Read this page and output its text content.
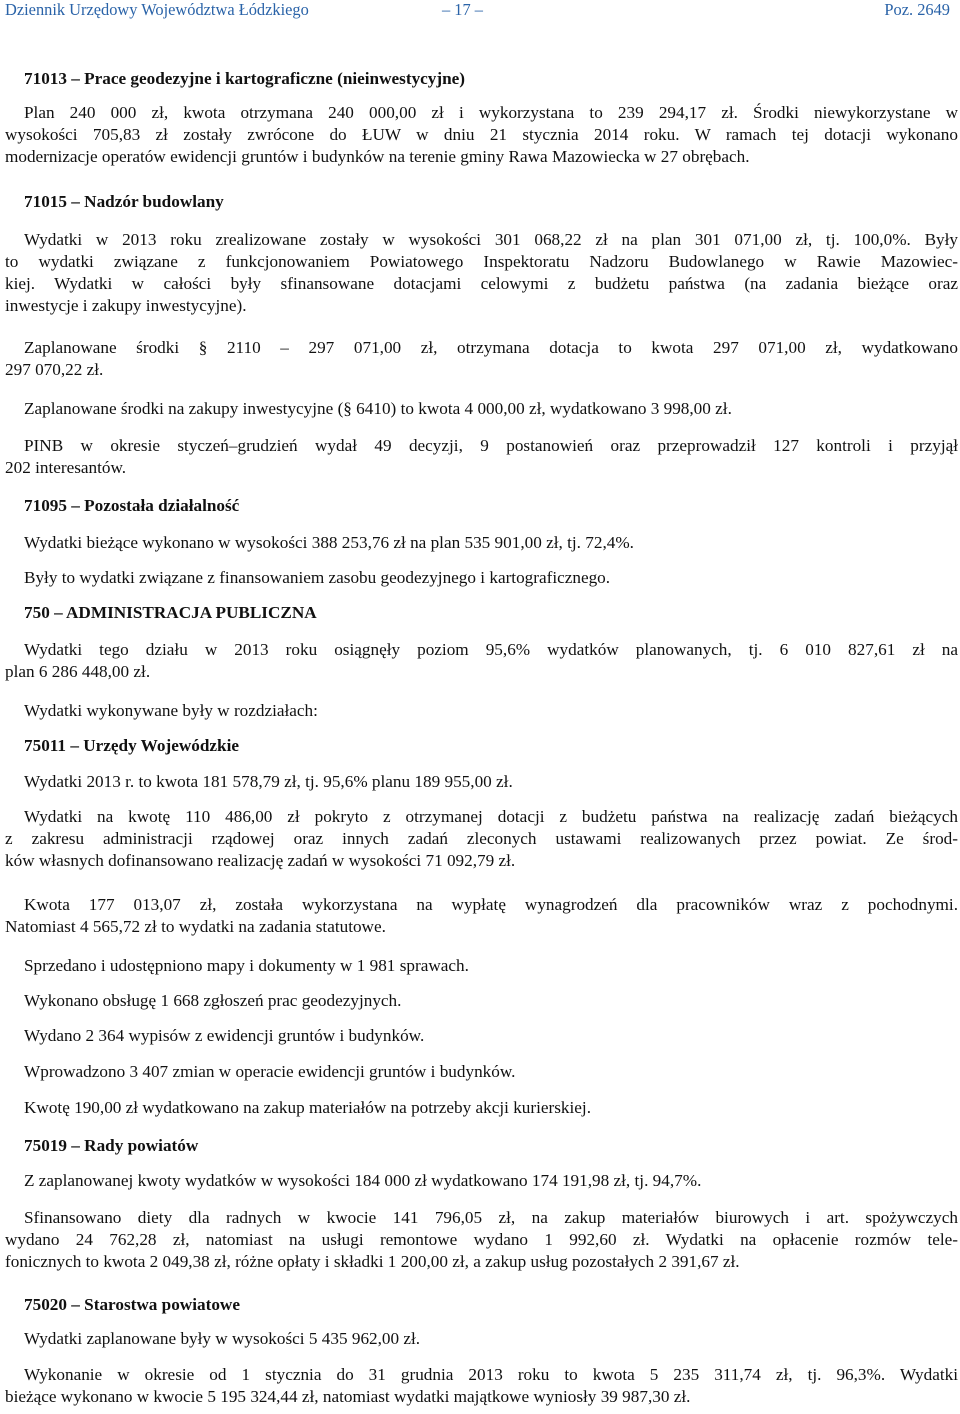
Dziennik Urzędowy Województwa Łódzkiego	– 17 –	Poz. 2649
71013 – Prace geodezyjne i kartograficzne (nieinwestycyjne)
Plan 240 000 zł, kwota otrzymana 240 000,00 zł i wykorzystana to 239 294,17 zł. Środki niewykorzystane w
wysokości 705,83 zł zostały zwrócone do ŁUW w dniu 21 stycznia 2014 roku. W ramach tej dotacji wykonano
modernizacje operatów ewidencji gruntów i budynków na terenie gminy Rawa Mazowiecka w 27 obrębach.
71015 – Nadzór budowlany
Wydatki w 2013 roku zrealizowane zostały w wysokości 301 068,22 zł na plan 301 071,00 zł, tj. 100,0%. Były
to wydatki związane z funkcjonowaniem Powiatowego Inspektoratu Nadzoru Budowlanego w Rawie Mazowiec-
kiej. Wydatki w całości były sfinansowane dotacjami celowymi z budżetu państwa (na zadania bieżące oraz
inwestycje i zakupy inwestycyjne).
Zaplanowane środki § 2110 – 297 071,00 zł, otrzymana dotacja to kwota 297 071,00 zł, wydatkowano
297 070,22 zł.
Zaplanowane środki na zakupy inwestycyjne (§ 6410) to kwota 4 000,00 zł, wydatkowano 3 998,00 zł.
PINB w okresie styczeń–grudzień wydał 49 decyzji, 9 postanowień oraz przeprowadził 127 kontroli i przyjął
202 interesantów.
71095 – Pozostała działalność
Wydatki bieżące wykonano w wysokości 388 253,76 zł na plan 535 901,00 zł, tj. 72,4%.
Były to wydatki związane z finansowaniem zasobu geodezyjnego i kartograficznego.
750 – ADMINISTRACJA PUBLICZNA
Wydatki tego działu w 2013 roku osiągnęły poziom 95,6% wydatków planowanych, tj. 6 010 827,61 zł na
plan 6 286 448,00 zł.
Wydatki wykonywane były w rozdziałach:
75011 – Urzędy Wojewódzkie
Wydatki 2013 r. to kwota 181 578,79 zł, tj. 95,6% planu 189 955,00 zł.
Wydatki na kwotę 110 486,00 zł pokryto z otrzymanej dotacji z budżetu państwa na realizację zadań bieżących
z zakresu administracji rządowej oraz innych zadań zleconych ustawami realizowanych przez powiat. Ze środ-
ków własnych dofinansowano realizację zadań w wysokości 71 092,79 zł.
Kwota 177 013,07 zł, została wykorzystana na wypłatę wynagrodzeń dla pracowników wraz z pochodnymi.
Natomiast 4 565,72 zł to wydatki na zadania statutowe.
Sprzedano i udostępniono mapy i dokumenty w 1 981 sprawach.
Wykonano obsługę 1 668 zgłoszeń prac geodezyjnych.
Wydano 2 364 wypisów z ewidencji gruntów i budynków.
Wprowadzono 3 407 zmian w operacie ewidencji gruntów i budynków.
Kwotę 190,00 zł wydatkowano na zakup materiałów na potrzeby akcji kurierskiej.
75019 – Rady powiatów
Z zaplanowanej kwoty wydatków w wysokości 184 000 zł wydatkowano 174 191,98 zł, tj. 94,7%.
Sfinansowano diety dla radnych w kwocie 141 796,05 zł, na zakup materiałów biurowych i art. spożywczych
wydano 24 762,28 zł, natomiast na usługi remontowe wydano 1 992,60 zł. Wydatki na opłacenie rozmów tele-
fonicznych to kwota 2 049,38 zł, różne opłaty i składki 1 200,00 zł, a zakup usług pozostałych 2 391,67 zł.
75020 – Starostwa powiatowe
Wydatki zaplanowane były w wysokości 5 435 962,00 zł.
Wykonanie w okresie od 1 stycznia do 31 grudnia 2013 roku to kwota 5 235 311,74 zł, tj. 96,3%. Wydatki
bieżące wykonano w kwocie 5 195 324,44 zł, natomiast wydatki majątkowe wyniosły 39 987,30 zł.
